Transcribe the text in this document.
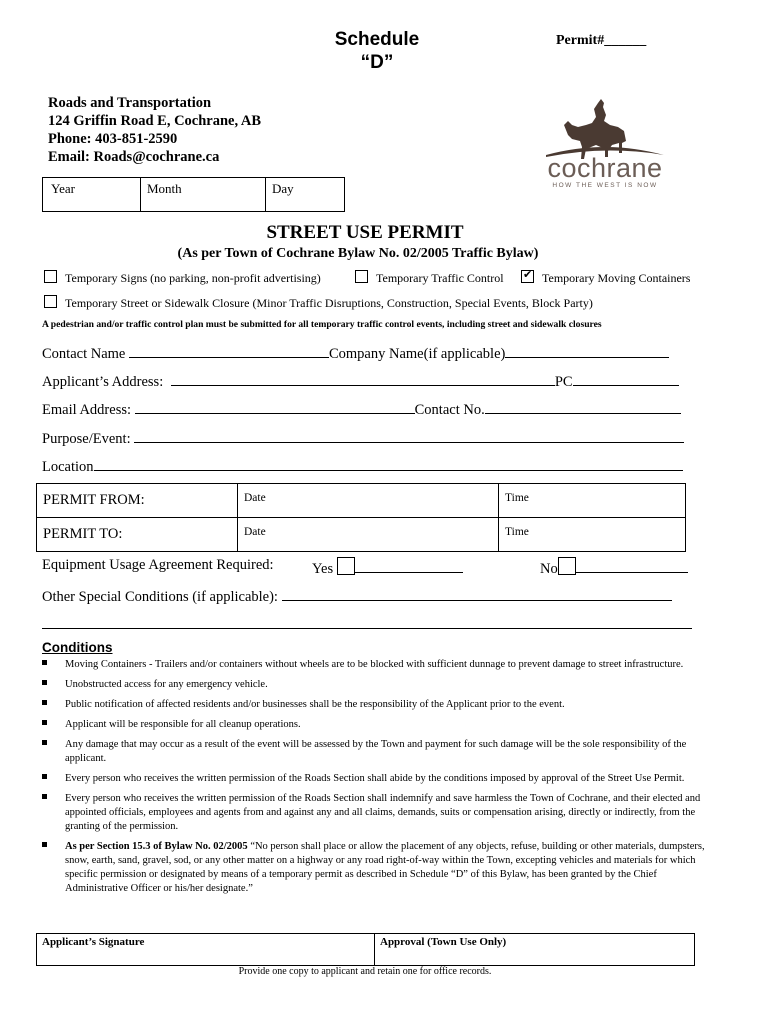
Schedule
“D”
Permit#______
Roads and Transportation
124 Griffin Road E, Cochrane, AB
Phone: 403-851-2590
Email: Roads@cochrane.ca
Year	Month	Day
cochrane
HOW THE WEST IS NOW
STREET USE PERMIT
(As per Town of Cochrane Bylaw No. 02/2005 Traffic Bylaw)
Temporary Signs (no parking, non-profit advertising)	Temporary Traffic Control
✔	Temporary Moving Containers
Temporary Street or Sidewalk Closure (Minor Traffic Disruptions, Construction, Special Events, Block Party)
A pedestrian and/or traffic control plan must be submitted for all temporary traffic control events, including street and sidewalk closures
Contact Name	Company Name(if applicable)
Applicant’s Address:	PC
Email Address:	Contact No.
Purpose/Event:
Location
PERMIT FROM:	Date	Time
PERMIT TO:	Date	Time
Equipment Usage Agreement Required:	Yes	No
Other Special Conditions (if applicable):
Conditions
Moving Containers - Trailers and/or containers without wheels are to be blocked with sufficient dunnage to prevent damage to street infrastructure.
Unobstructed access for any emergency vehicle.
Public notification of affected residents and/or businesses shall be the responsibility of the Applicant prior to the event.
Applicant will be responsible for all cleanup operations.
Any damage that may occur as a result of the event will be assessed by the Town and payment for such damage will be the sole responsibility of the applicant.
Every person who receives the written permission of the Roads Section shall abide by the conditions imposed by approval of the Street Use Permit.
Every person who receives the written permission of the Roads Section shall indemnify and save harmless the Town of Cochrane, and their elected and appointed officials, employees and agents from and against any and all claims, demands, suits or compensation arising, directly or indirectly, from the granting of the permission.
As per Section 15.3 of Bylaw No. 02/2005 “No person shall place or allow the placement of any objects, refuse, building or other materials, dumpsters, snow, earth, sand, gravel, sod, or any other matter on a highway or any road right-of-way within the Town, excepting vehicles and materials for which specific permission or designated by means of a temporary permit as described in Schedule “D” of this Bylaw, has been granted by the Chief Administrative Officer or his/her designate.”
Applicant’s Signature	Approval (Town Use Only)
Provide one copy to applicant and retain one for office records.
